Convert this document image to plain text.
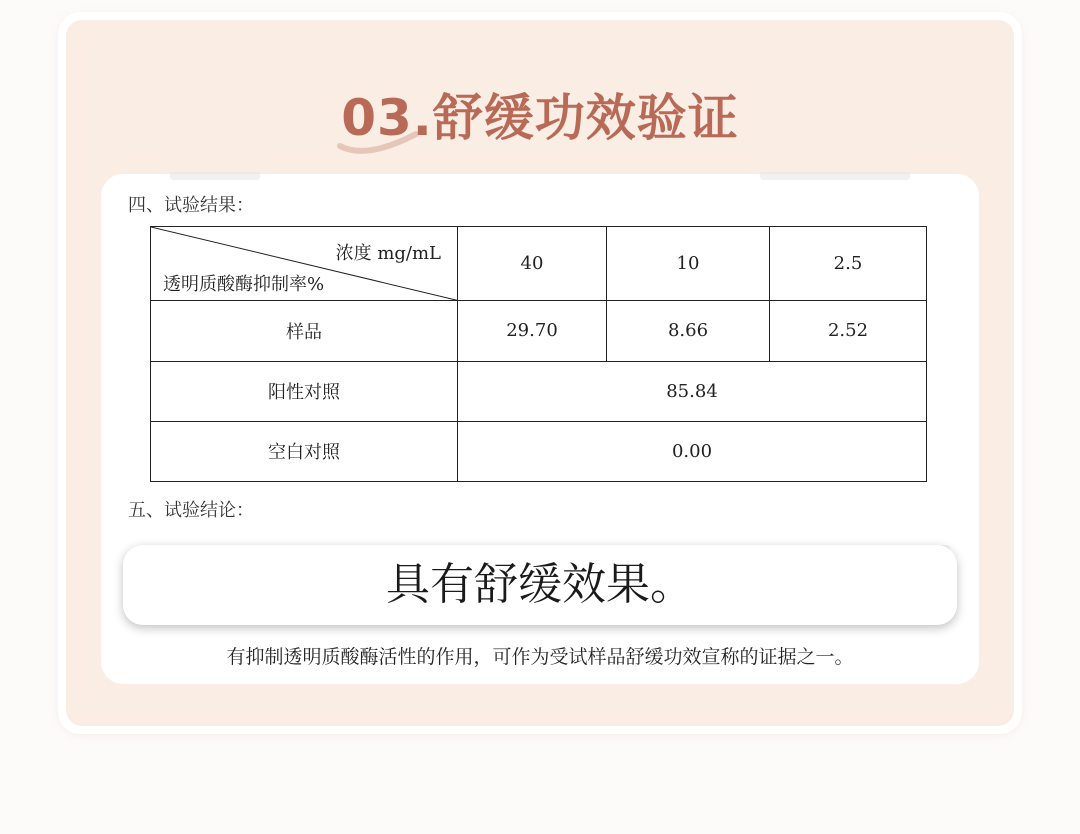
03.舒缓功效验证
四、试验结果：
浓度 mg/mL
透明质酸酶抑制率%	40	10	2.5
样品	29.70	8.66	2.52
阳性对照	85.84		
空白对照	0.00		
五、试验结论：
具有舒缓效果。
有抑制透明质酸酶活性的作用，可作为受试样品舒缓功效宣称的证据之一。
